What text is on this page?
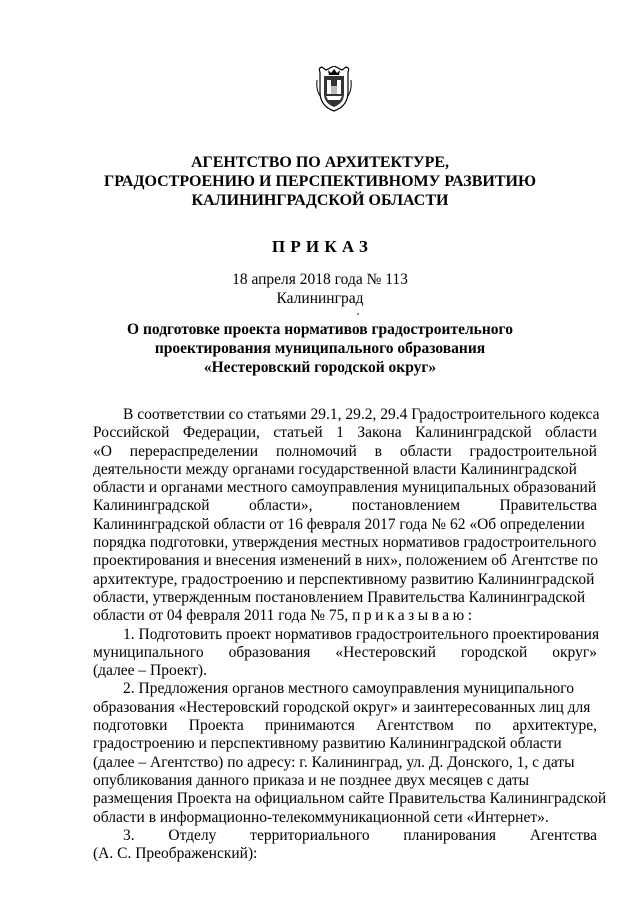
АГЕНТСТВО ПО АРХИТЕКТУРЕ,
ГРАДОСТРОЕНИЮ И ПЕРСПЕКТИВНОМУ РАЗВИТИЮ
КАЛИНИНГРАДСКОЙ ОБЛАСТИ
ПРИКАЗ
18 апреля 2018 года № 113
Калининград
О подготовке проекта нормативов градостроительного
проектирования муниципального образования
«Нестеровский городской округ»
В соответствии со статьями 29.1, 29.2, 29.4 Градостроительного кодекса
Российской Федерации, статьей 1 Закона Калининградской области
«О перераспределении полномочий в области градостроительной
деятельности между органами государственной власти Калининградской
области и органами местного самоуправления муниципальных образований
Калининградской	области»,	постановлением	Правительства
Калининградской области от 16 февраля 2017 года № 62 «Об определении
порядка подготовки, утверждения местных нормативов градостроительного
проектирования и внесения изменений в них», положением об Агентстве по
архитектуре, градостроению и перспективному развитию Калининградской
области, утвержденным постановлением Правительства Калининградской
области от 04 февраля 2011 года № 75, приказываю:
1. Подготовить проект нормативов градостроительного проектирования
муниципального образования «Нестеровский городской округ»
(далее – Проект).
2. Предложения органов местного самоуправления муниципального
образования «Нестеровский городской округ» и заинтересованных лиц для
подготовки Проекта принимаются Агентством по архитектуре,
градостроению и перспективному развитию Калининградской области
(далее – Агентство) по адресу: г. Калининград, ул. Д. Донского, 1, с даты
опубликования данного приказа и не позднее двух месяцев с даты
размещения Проекта на официальном сайте Правительства Калининградской
области в информационно-телекоммуникационной сети «Интернет».
3. Отделу территориального планирования Агентства
(А. С. Преображенский):
